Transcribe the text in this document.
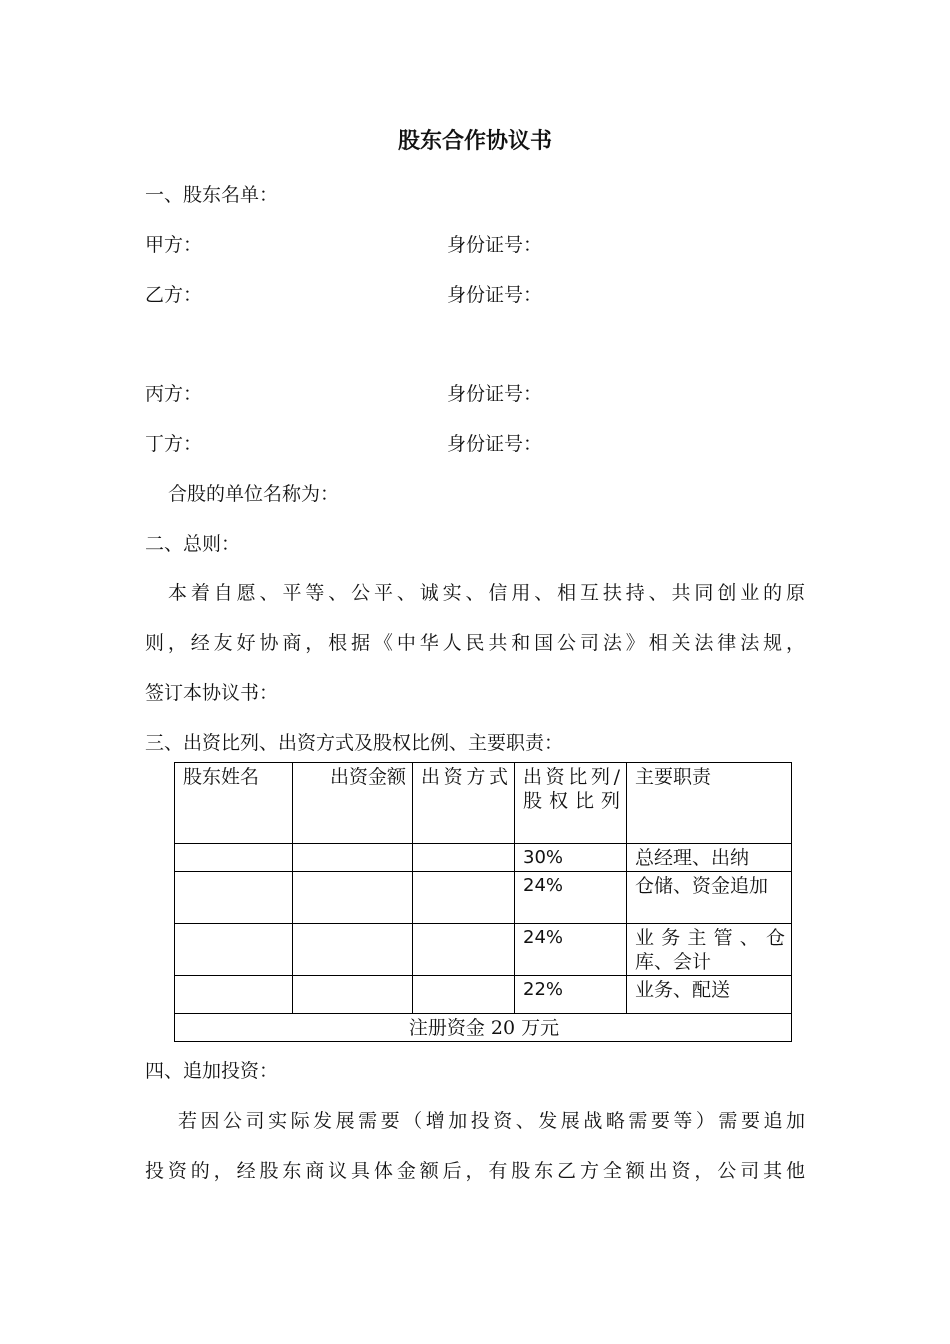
股东合作协议书
一、股东名单：
甲方：	身份证号：
乙方：	身份证号：
丙方：	身份证号：
丁方：	身份证号：
合股的单位名称为：
二、总则：
本着自愿、平等、公平、诚实、信用、相互扶持、共同创业的原
则，经友好协商，根据《中华人民共和国公司法》相关法律法规，
签订本协议书：
三、出资比列、出资方式及股权比例、主要职责：
股东姓名	出资金额	出资方式	出资比列/股权比列	主要职责
			30%	总经理、出纳
			24%	仓储、资金追加
			24%	业务主管、仓库、会计
			22%	业务、配送
注册资金 20 万元				
四、追加投资：
若因公司实际发展需要（增加投资、发展战略需要等）需要追加
投资的，经股东商议具体金额后，有股东乙方全额出资，公司其他
